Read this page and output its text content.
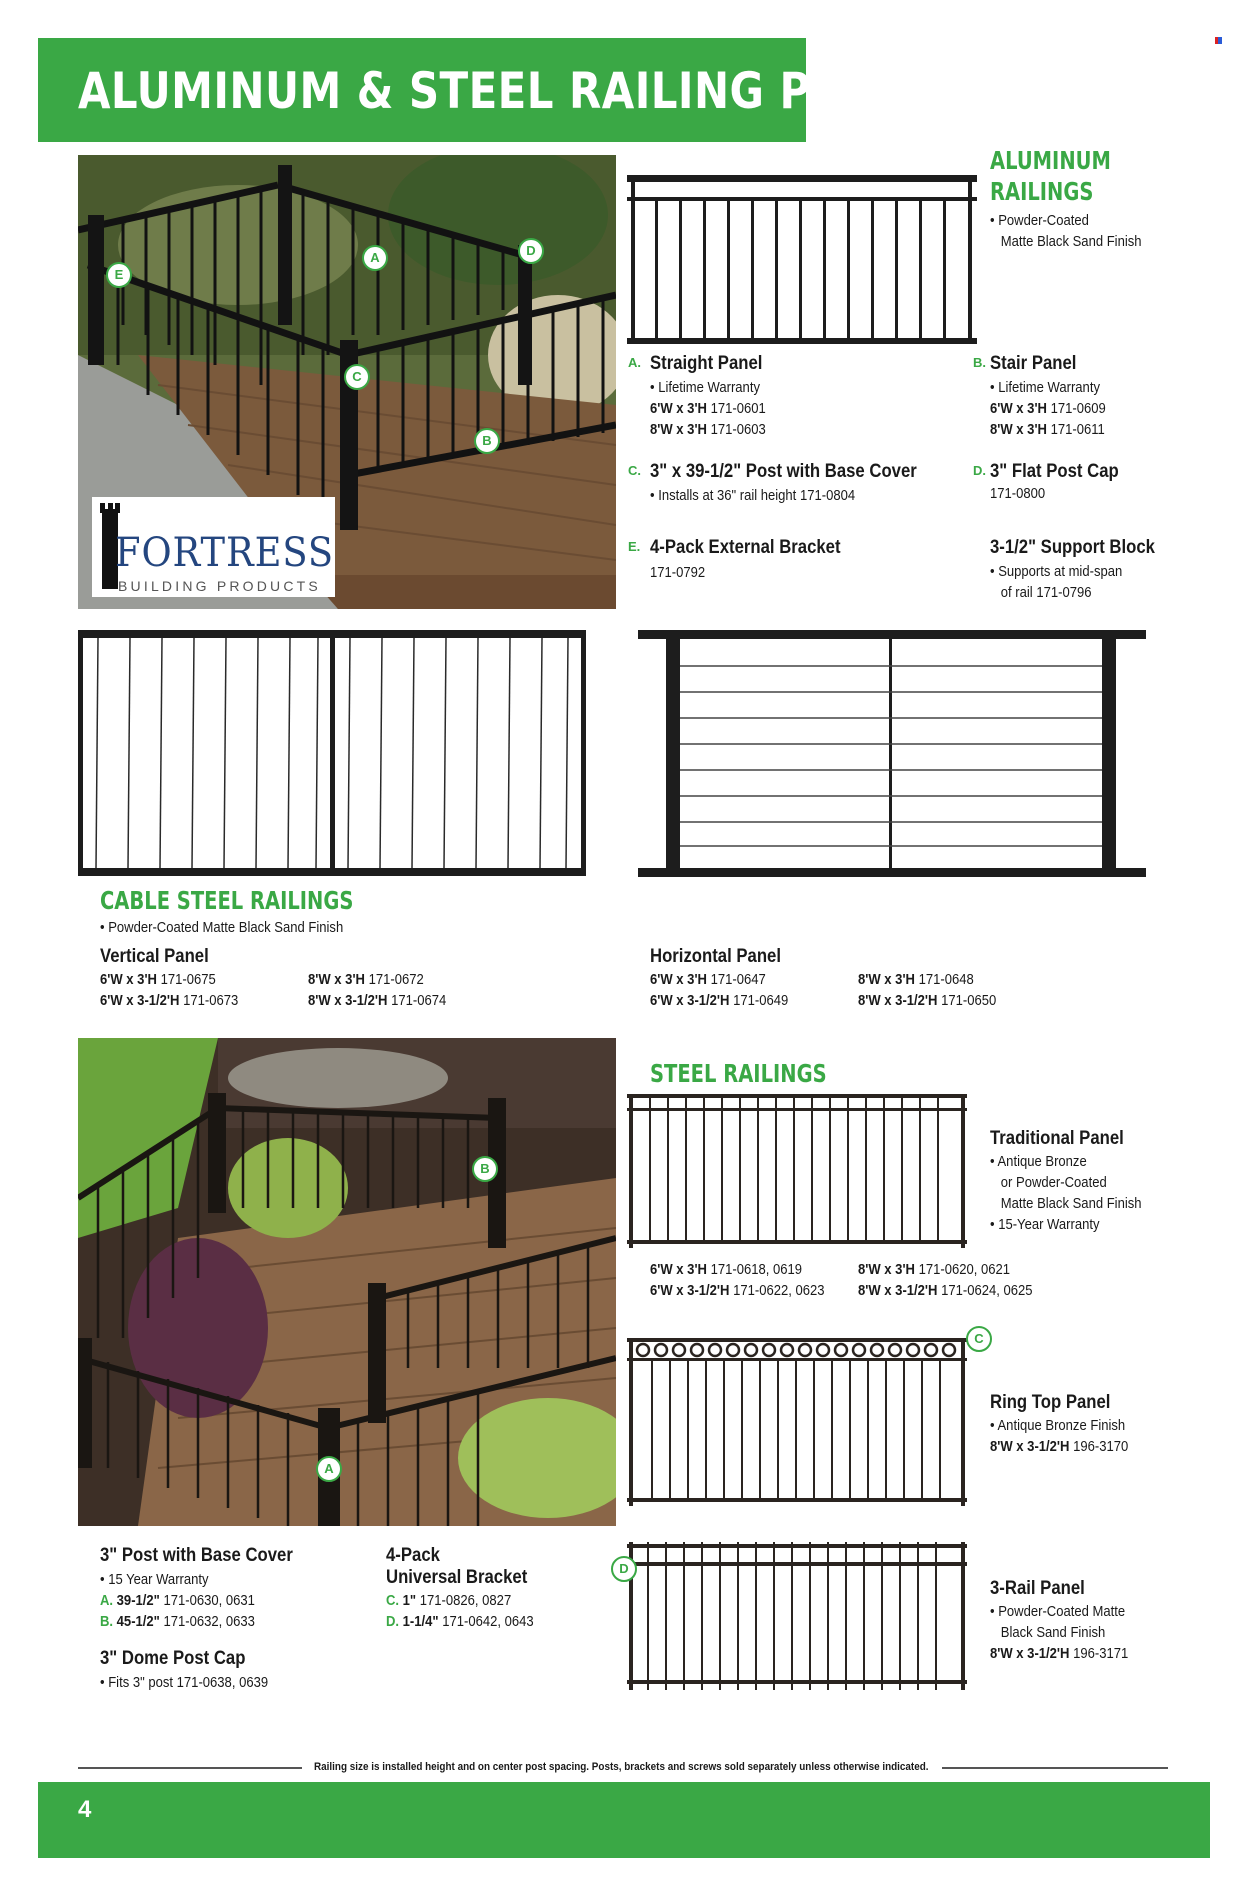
ALUMINUM & STEEL RAILING PANELS
A
B
C
D
E
FORTRESS
BUILDING PRODUCTS
ALUMINUM
RAILINGS
• Powder-Coated
Matte Black Sand Finish
A. Straight Panel
• Lifetime Warranty
6'W x 3'H 171-0601
8'W x 3'H 171-0603
B. Stair Panel
• Lifetime Warranty
6'W x 3'H 171-0609
8'W x 3'H 171-0611
C. 3" x 39-1/2" Post with Base Cover
• Installs at 36" rail height 171-0804
D. 3" Flat Post Cap
171-0800
E. 4-Pack External Bracket
171-0792
3-1/2" Support Block
• Supports at mid-span
of rail 171-0796
CABLE STEEL RAILINGS
• Powder-Coated Matte Black Sand Finish
Vertical Panel
6'W x 3'H 171-0675
6'W x 3-1/2'H 171-0673
8'W x 3'H 171-0672
8'W x 3-1/2'H 171-0674
Horizontal Panel
6'W x 3'H 171-0647
6'W x 3-1/2'H 171-0649
8'W x 3'H 171-0648
8'W x 3-1/2'H 171-0650
A
B
STEEL RAILINGS
Traditional Panel
• Antique Bronze
or Powder-Coated
Matte Black Sand Finish
• 15-Year Warranty
6'W x 3'H 171-0618, 0619
6'W x 3-1/2'H 171-0622, 0623
8'W x 3'H 171-0620, 0621
8'W x 3-1/2'H 171-0624, 0625
C
Ring Top Panel
• Antique Bronze Finish
8'W x 3-1/2'H 196-3170
D
3-Rail Panel
• Powder-Coated Matte
Black Sand Finish
8'W x 3-1/2'H 196-3171
3" Post with Base Cover
• 15 Year Warranty
A. 39-1/2" 171-0630, 0631
B. 45-1/2" 171-0632, 0633
3" Dome Post Cap
• Fits 3" post 171-0638, 0639
4-Pack
Universal Bracket
C. 1" 171-0826, 0827
D. 1-1/4" 171-0642, 0643
Railing size is installed height and on center post spacing. Posts, brackets and screws sold separately unless otherwise indicated.
4
